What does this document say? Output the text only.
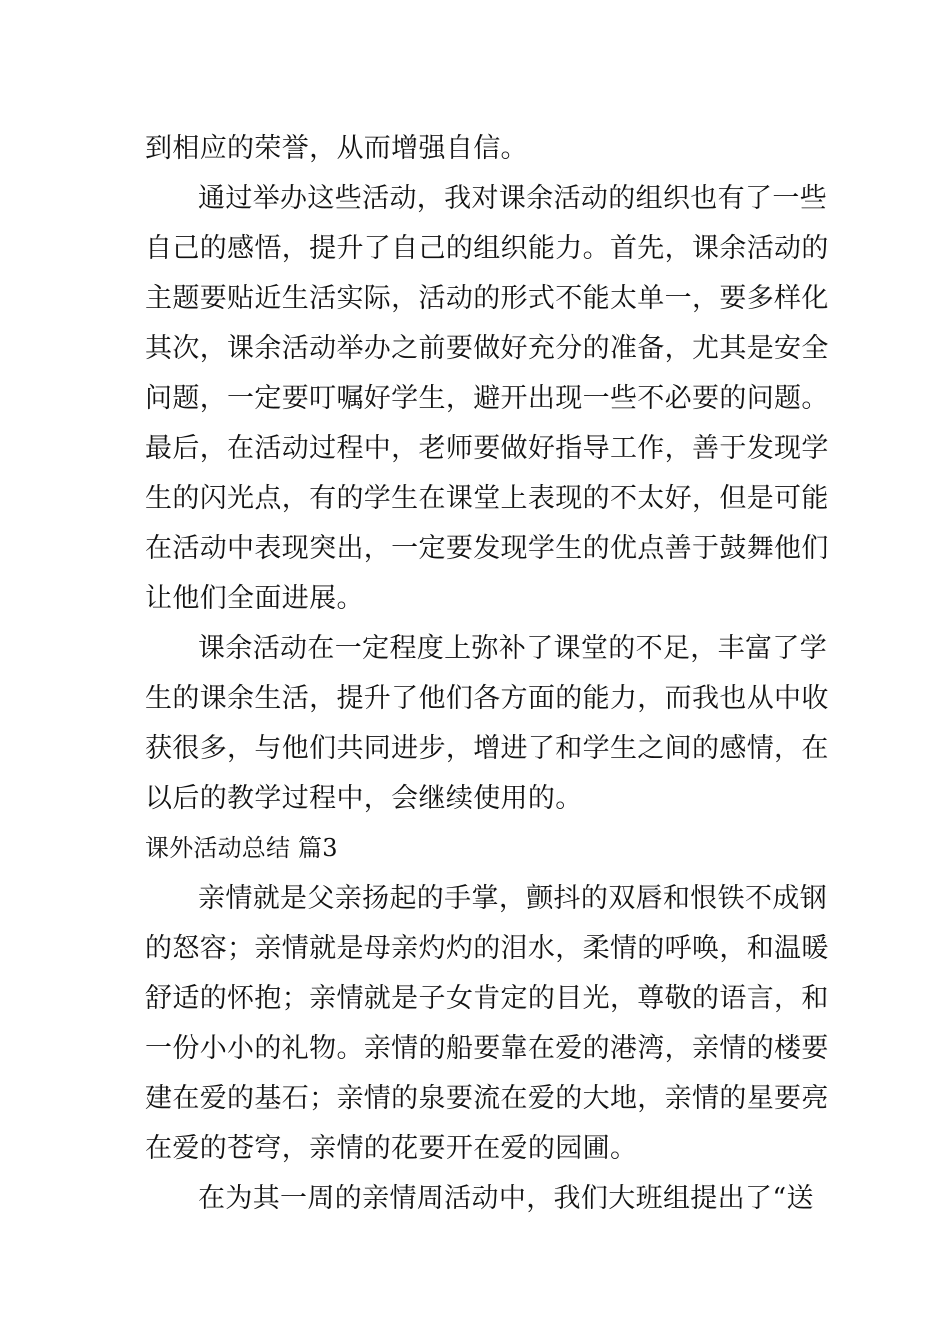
到相应的荣誉，从而增强自信。
通过举办这些活动，我对课余活动的组织也有了一些
自己的感悟，提升了自己的组织能力。首先，课余活动的
主题要贴近生活实际，活动的形式不能太单一，要多样化
其次，课余活动举办之前要做好充分的准备，尤其是安全
问题，一定要叮嘱好学生，避开出现一些不必要的问题。
最后，在活动过程中，老师要做好指导工作，善于发现学
生的闪光点，有的学生在课堂上表现的不太好，但是可能
在活动中表现突出，一定要发现学生的优点善于鼓舞他们
让他们全面进展。
课余活动在一定程度上弥补了课堂的不足，丰富了学
生的课余生活，提升了他们各方面的能力，而我也从中收
获很多，与他们共同进步，增进了和学生之间的感情，在
以后的教学过程中，会继续使用的。
课外活动总结 篇3
亲情就是父亲扬起的手掌，颤抖的双唇和恨铁不成钢
的怒容；亲情就是母亲灼灼的泪水，柔情的呼唤，和温暖
舒适的怀抱；亲情就是子女肯定的目光，尊敬的语言，和
一份小小的礼物。亲情的船要靠在爱的港湾，亲情的楼要
建在爱的基石；亲情的泉要流在爱的大地，亲情的星要亮
在爱的苍穹，亲情的花要开在爱的园圃。
在为其一周的亲情周活动中，我们大班组提出了“送
